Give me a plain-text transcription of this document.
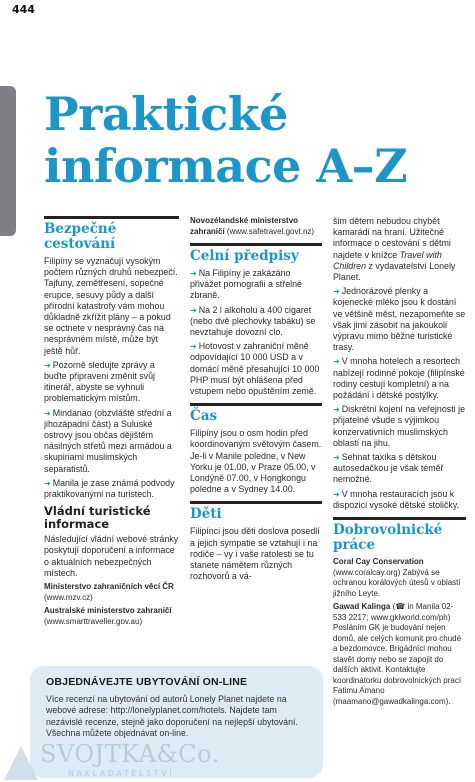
444
Praktické
informace A–Z
Bezpečné cestování

Filipíny se vyznačují vysokým počtem různých druhů nebezpečí. Tajfuny, zemětřesení, sopečné erupce, sesuvy půdy a další přírodní katastrofy vám mohou důkladně zkřížit plány – a pokud se octnete v nesprávný čas na nesprávném místě, může být ještě hůř.

➜ Pozorně sledujte zprávy a buďte připraveni změnit svůj itinerář, abyste se vyhnuli problematickým místům.

➜ Mindanao (obzvláště střední a jihozápadní část) a Suluské ostrovy jsou občas dějištěm násilných střetů mezi armádou a skupinami muslimských separatistů.

➜ Manila je zase známá podvody praktikovanými na turistech.

Vládní turistické informace

Následující vládní webové stránky poskytují doporučení a informace o aktuálních nebezpečných místech.

Ministerstvo zahraničních věcí ČR
(www.mzv.cz)

Australské ministerstvo zahraničí
(www.smarttraveller.gov.au)

Novozélandské ministerstvo zahraničí (www.safetravel.govt.nz)

Celní předpisy

➜ Na Filipíny je zakázáno přivážet pornografii a střelné zbraně.

➜ Na 2 l alkoholu a 400 cigaret (nebo dvě plechovky tabáku) se nevztahuje dovozní clo.

➜ Hotovost v zahraniční měně odpovídající 10 000 USD a v domácí měně přesahující 10 000 PHP musí být ohlášena před vstupem nebo opuštěním země.

Čas

Filipíny jsou o osm hodin před koordinovaným světovým časem. Je-li v Manile poledne, v New Yorku je 01.00, v Praze 05.00, v Londýně 07.00, v Hongkongu poledne a v Sydney 14.00.

Děti

Filipínci jsou děti doslova posedlí a jejich sympatie se vztahují i na rodiče – vy i vaše ratolesti se tu stanete námětem různých rozhovorů a vá-

šim dětem nebudou chybět kamarádi na hraní. Užitečné informace o cestování s dětmi najdete v knížce Travel with Children z vydavatelství Lonely Planet.

➜ Jednorázové plenky a kojenecké mléko jsou k dostání ve většině měst, nezapomeňte se však jimi zásobit na jakoukoli výpravu mimo běžné turistické trasy.

➜ V mnoha hotelech a resortech nabízejí rodinné pokoje (filipínské rodiny cestují kompletní) a na požádání i dětské postýlky.

➜ Diskrétní kojení na veřejnosti je přijatelné všude s výjimkou konzervativních muslimských oblastí na jihu.

➜ Sehnat taxíka s dětskou autosedačkou je však téměř nemožné.

➜ V mnoha restauracích jsou k dispozici vysoké dětské stoličky.

Dobrovolnické práce

Coral Cay Conservation (www.coralcay.org) Zabývá se ochranou korálových útesů v oblasti jižního Leyte.

Gawad Kalinga (☎ in Manila 02-533 2217; www.gklworld.com/ph) Posláním GK je budování nejen domů, ale celých komunit pro chudé a bezdomovce. Brigádníci mohou stavět domy nebo se zapojit do dalších aktivit. Kontaktujte koordinátorku dobrovolnických prací Fatimu Amano (maamano@gawadkalinga.com).

OBJEDNÁVEJTE UBYTOVÁNÍ ON-LINE
Více recenzí na ubytování od autorů Lonely Planet najdete na webové adrese: http://lonelyplanet.com/hotels. Najdete tam nezávislé recenze, stejně jako doporučení na nejlepší ubytování. Všechna můžete objednávat on-line.
SVOJTKA&Co.
NAKLADATELSTVÍ
